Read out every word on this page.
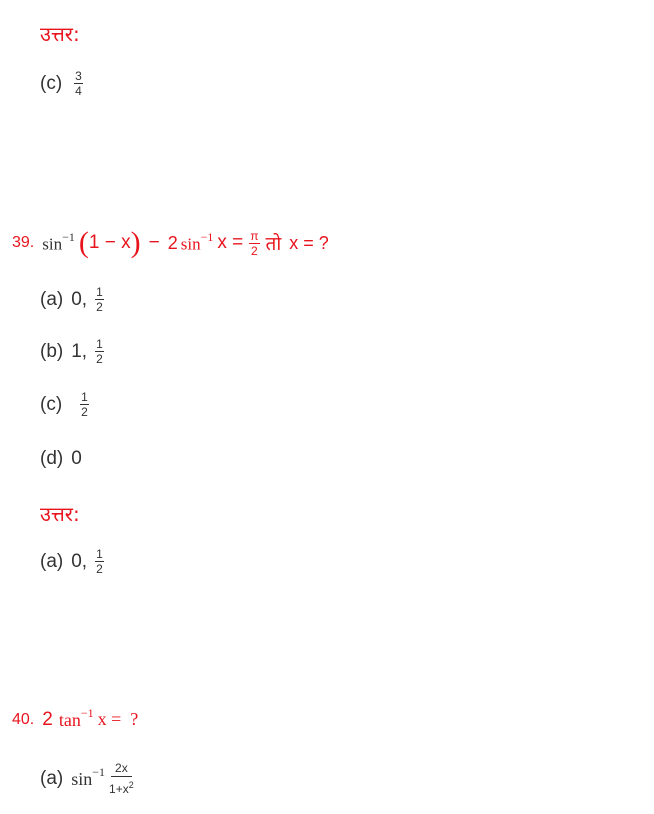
उत्तर:
$(c) \frac{3}{4}$
39. $\sin^{-1}$ ( 1 − x ) − 2 $\sin^{-1} x = \frac{\pi}{2}$ तो x = ?
(a) 0, $\frac{1}{2}$
(b) 1, $\frac{1}{2}$
$(c) \frac{1}{2}$
(d) 0
उत्तर:
(a) 0, $\frac{1}{2}$
40. 2 $\tan^{-1} x$ =  ?
(a) $\sin^{-1} \frac{2x}{1+x^2}$
